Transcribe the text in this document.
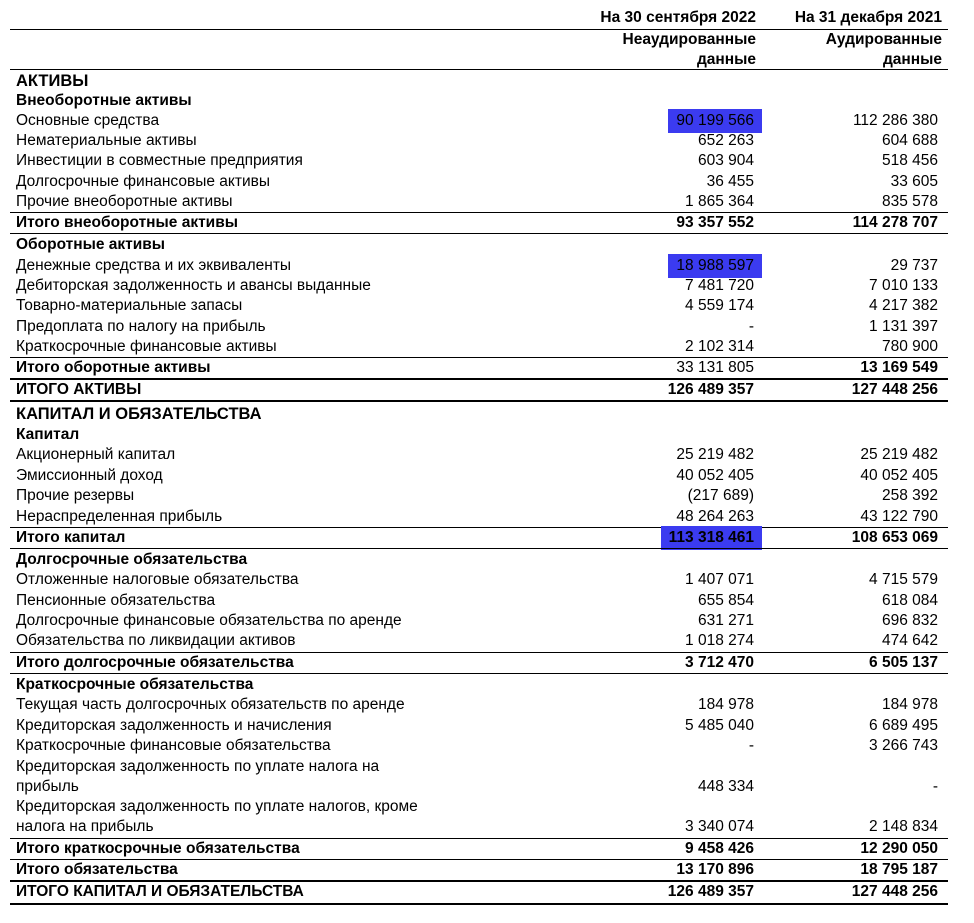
На 30 сентября 2022
Неаудированные
данные
На 31 декабря 2021
Аудированные
данные
АКТИВЫ
Внеоборотные активы
Основные средства	90 199 566	112 286 380
Нематериальные активы	652 263	604 688
Инвестиции в совместные предприятия	603 904	518 456
Долгосрочные финансовые активы	36 455	33 605
Прочие внеоборотные активы	1 865 364	835 578
Итого внеоборотные активы	93 357 552	114 278 707
Оборотные активы
Денежные средства и их эквиваленты	18 988 597	29 737
Дебиторская задолженность и авансы выданные	7 481 720	7 010 133
Товарно-материальные запасы	4 559 174	4 217 382
Предоплата по налогу на прибыль	-	1 131 397
Краткосрочные финансовые активы	2 102 314	780 900
Итого оборотные активы	33 131 805	13 169 549
ИТОГО АКТИВЫ	126 489 357	127 448 256
КАПИТАЛ И ОБЯЗАТЕЛЬСТВА
Капитал
Акционерный капитал	25 219 482	25 219 482
Эмиссионный доход	40 052 405	40 052 405
Прочие резервы	(217 689)	258 392
Нераспределенная прибыль	48 264 263	43 122 790
Итого капитал	113 318 461	108 653 069
Долгосрочные обязательства
Отложенные налоговые обязательства	1 407 071	4 715 579
Пенсионные обязательства	655 854	618 084
Долгосрочные финансовые обязательства по аренде	631 271	696 832
Обязательства по ликвидации активов	1 018 274	474 642
Итого долгосрочные обязательства	3 712 470	6 505 137
Краткосрочные обязательства
Текущая часть долгосрочных обязательств по аренде	184 978	184 978
Кредиторская задолженность и начисления	5 485 040	6 689 495
Краткосрочные финансовые обязательства	-	3 266 743
Кредиторская задолженность по уплате налога на
прибыль	448 334	-
Кредиторская задолженность по уплате налогов, кроме
налога на прибыль	3 340 074	2 148 834
Итого краткосрочные обязательства	9 458 426	12 290 050
Итого обязательства	13 170 896	18 795 187
ИТОГО КАПИТАЛ И ОБЯЗАТЕЛЬСТВА	126 489 357	127 448 256
